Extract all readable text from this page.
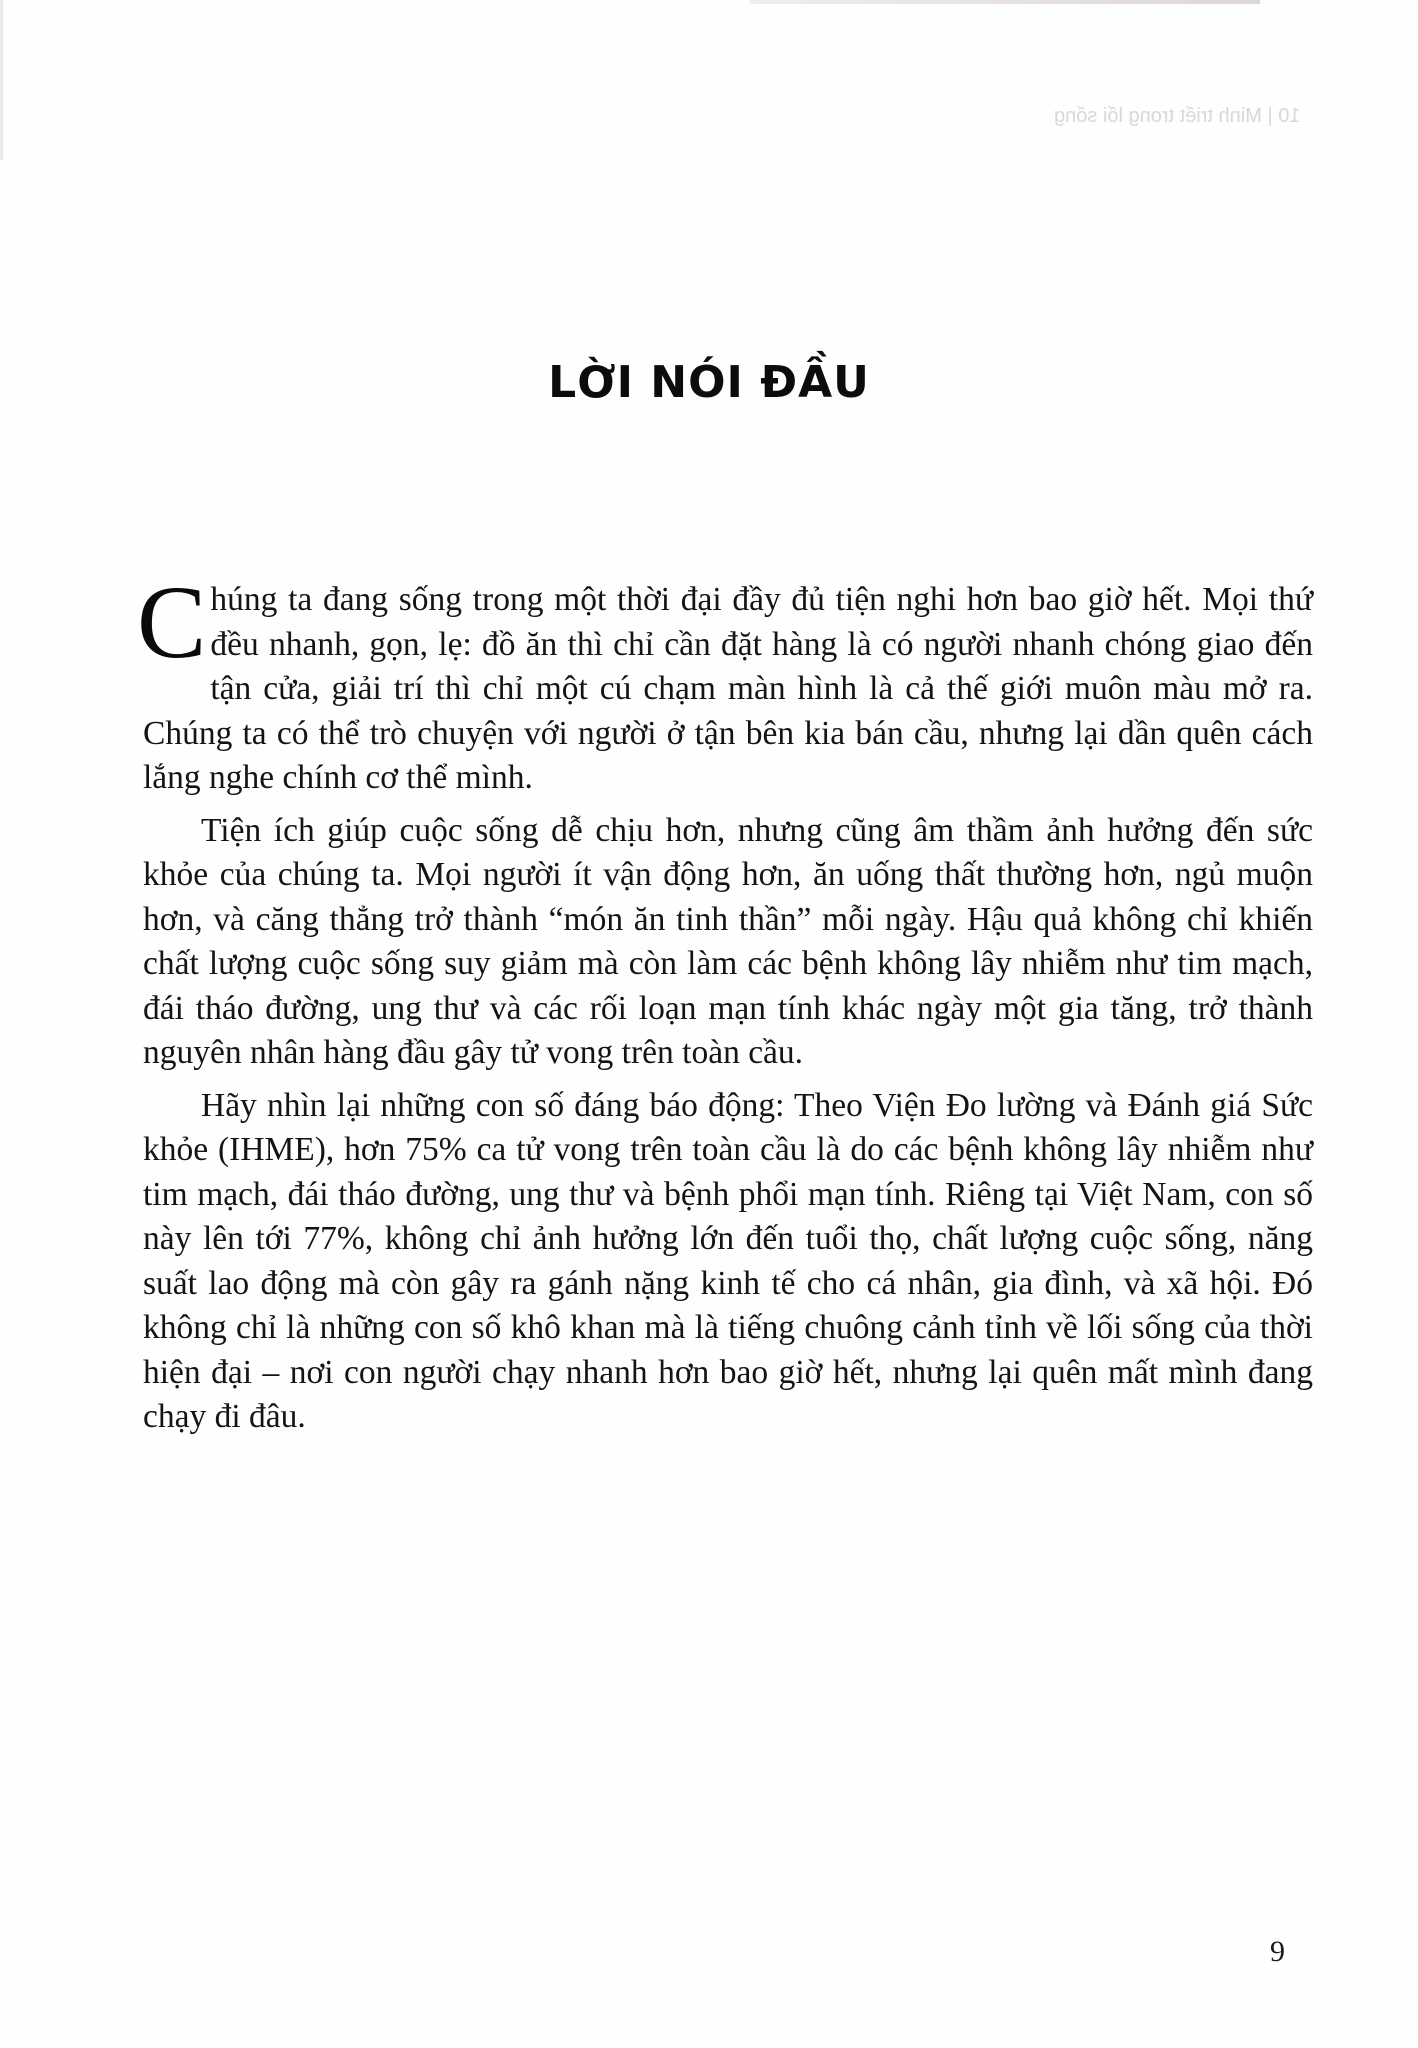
10 | Minh triết trong lối sống
LỜI NÓI ĐẦU

Chúng ta đang sống trong một thời đại đầy đủ tiện nghi hơn bao giờ hết. Mọi thứ đều nhanh, gọn, lẹ: đồ ăn thì chỉ cần đặt hàng là có người nhanh chóng giao đến tận cửa, giải trí thì chỉ một cú chạm màn hình là cả thế giới muôn màu mở ra. Chúng ta có thể trò chuyện với người ở tận bên kia bán cầu, nhưng lại dần quên cách lắng nghe chính cơ thể mình.

Tiện ích giúp cuộc sống dễ chịu hơn, nhưng cũng âm thầm ảnh hưởng đến sức khỏe của chúng ta. Mọi người ít vận động hơn, ăn uống thất thường hơn, ngủ muộn hơn, và căng thẳng trở thành “món ăn tinh thần” mỗi ngày. Hậu quả không chỉ khiến chất lượng cuộc sống suy giảm mà còn làm các bệnh không lây nhiễm như tim mạch, đái tháo đường, ung thư và các rối loạn mạn tính khác ngày một gia tăng, trở thành nguyên nhân hàng đầu gây tử vong trên toàn cầu.

Hãy nhìn lại những con số đáng báo động: Theo Viện Đo lường và Đánh giá Sức khỏe (IHME), hơn 75% ca tử vong trên toàn cầu là do các bệnh không lây nhiễm như tim mạch, đái tháo đường, ung thư và bệnh phổi mạn tính. Riêng tại Việt Nam, con số này lên tới 77%, không chỉ ảnh hưởng lớn đến tuổi thọ, chất lượng cuộc sống, năng suất lao động mà còn gây ra gánh nặng kinh tế cho cá nhân, gia đình, và xã hội. Đó không chỉ là những con số khô khan mà là tiếng chuông cảnh tỉnh về lối sống của thời hiện đại – nơi con người chạy nhanh hơn bao giờ hết, nhưng lại quên mất mình đang chạy đi đâu.

9
